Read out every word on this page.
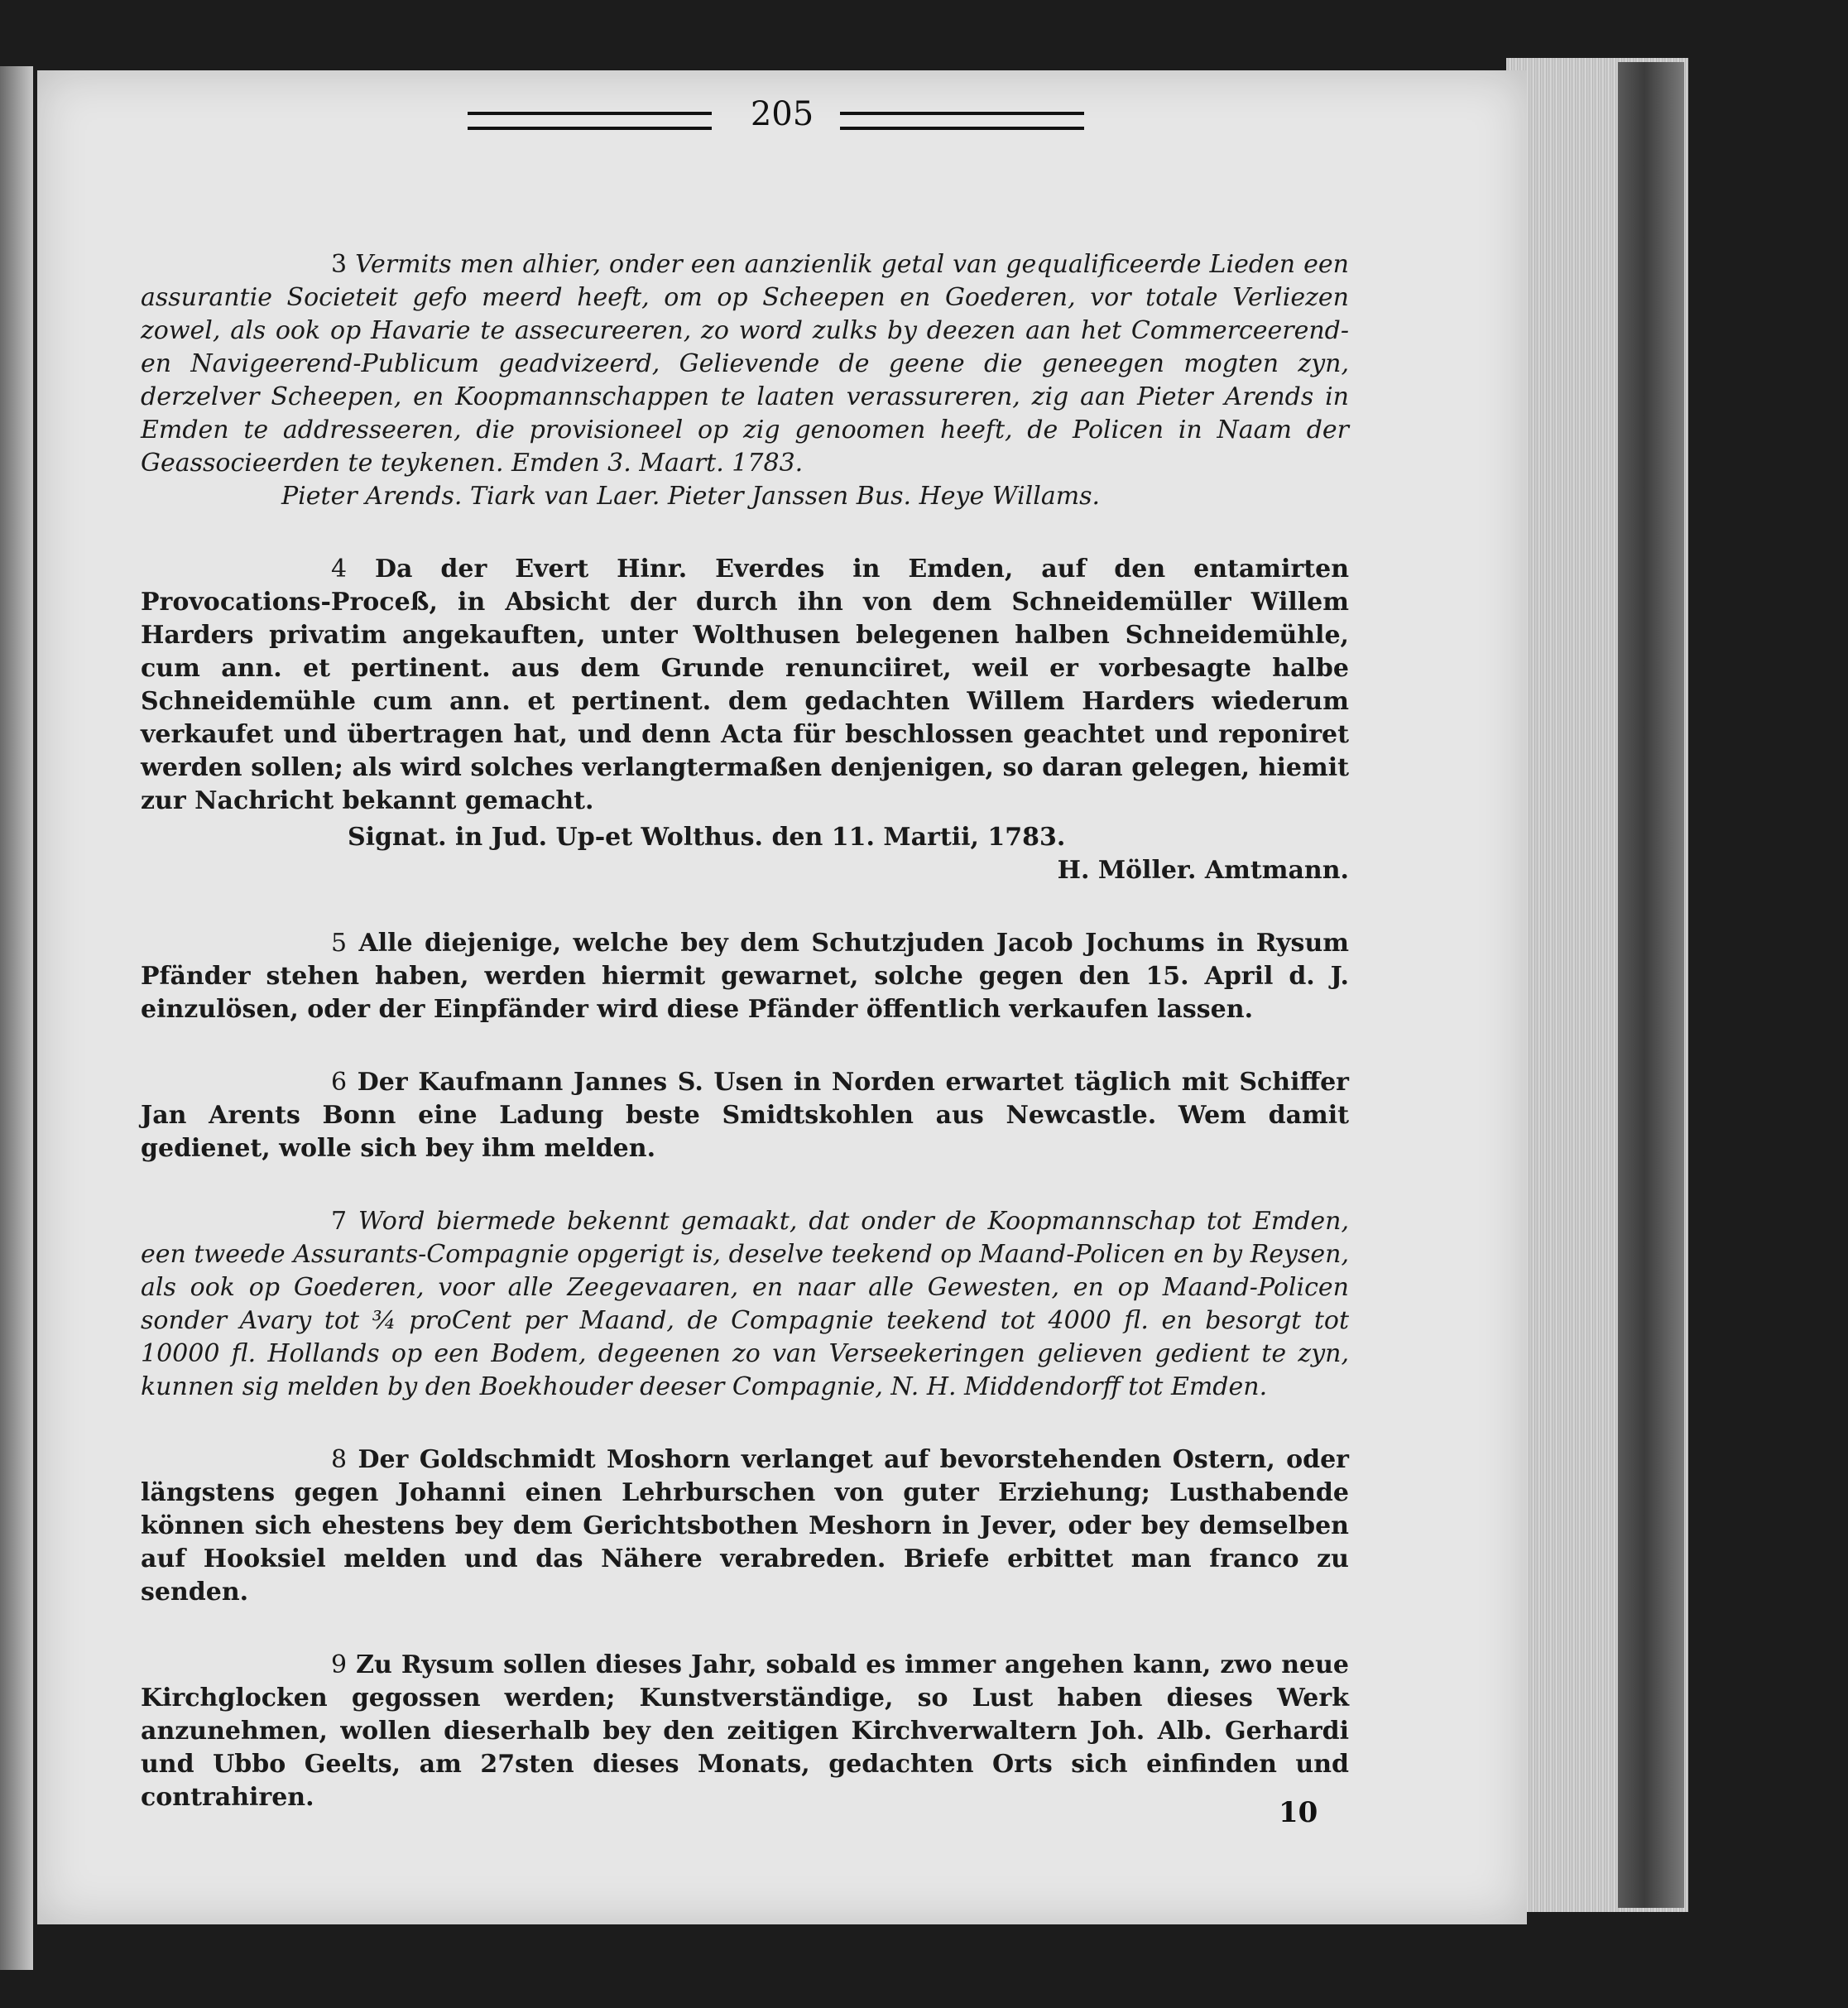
205

3 Vermits men alhier, onder een aanzienlik getal van gequalificeerde Lieden een assurantie Societeit gefo meerd heeft, om op Scheepen en Goederen, vor totale Verliezen zowel, als ook op Havarie te assecureeren, zo word zulks by deezen aan het Commerceerend- en Navigeerend-Publicum geadvizeerd, Gelievende de geene die geneegen mogten zyn, derzelver Scheepen, en Koopmannschappen te laaten verassureren, zig aan Pieter Arends in Emden te addresseeren, die provisioneel op zig genoomen heeft, de Policen in Naam der Geassocieerden te teykenen. Emden 3. Maart. 1783.

Pieter Arends. Tiark van Laer. Pieter Janssen Bus. Heye Willams.

4 Da der Evert Hinr. Everdes in Emden, auf den entamirten Provocations-Proceß, in Absicht der durch ihn von dem Schneidemüller Willem Harders privatim angekauften, unter Wolthusen belegenen halben Schneidemühle, cum ann. et pertinent. aus dem Grunde renunciiret, weil er vorbesagte halbe Schneidemühle cum ann. et pertinent. dem gedachten Willem Harders wiederum verkaufet und übertragen hat, und denn Acta für beschlossen geachtet und reponiret werden sollen; als wird solches verlangtermaßen denjenigen, so daran gelegen, hiemit zur Nachricht bekannt gemacht.

Signat. in Jud. Up-et Wolthus. den 11. Martii, 1783.

H. Möller. Amtmann.

5 Alle diejenige, welche bey dem Schutzjuden Jacob Jochums in Rysum Pfänder stehen haben, werden hiermit gewarnet, solche gegen den 15. April d. J. einzulösen, oder der Einpfänder wird diese Pfänder öffentlich verkaufen lassen.

6 Der Kaufmann Jannes S. Usen in Norden erwartet täglich mit Schiffer Jan Arents Bonn eine Ladung beste Smidtskohlen aus Newcastle. Wem damit gedienet, wolle sich bey ihm melden.

7 Word biermede bekennt gemaakt, dat onder de Koopmannschap tot Emden, een tweede Assurants-Compagnie opgerigt is, deselve teekend op Maand-Policen en by Reysen, als ook op Goederen, voor alle Zeegevaaren, en naar alle Gewesten, en op Maand-Policen sonder Avary tot ¾ proCent per Maand, de Compagnie teekend tot 4000 fl. en besorgt tot 10000 fl. Hollands op een Bodem, degeenen zo van Verseekeringen gelieven gedient te zyn, kunnen sig melden by den Boekhouder deeser Compagnie, N. H. Middendorff tot Emden.

8 Der Goldschmidt Moshorn verlanget auf bevorstehenden Ostern, oder längstens gegen Johanni einen Lehrburschen von guter Erziehung; Lusthabende können sich ehestens bey dem Gerichtsbothen Meshorn in Jever, oder bey demselben auf Hooksiel melden und das Nähere verabreden. Briefe erbittet man franco zu senden.

9 Zu Rysum sollen dieses Jahr, sobald es immer angehen kann, zwo neue Kirchglocken gegossen werden; Kunstverständige, so Lust haben dieses Werk anzunehmen, wollen dieserhalb bey den zeitigen Kirchverwaltern Joh. Alb. Gerhardi und Ubbo Geelts, am 27sten dieses Monats, gedachten Orts sich einfinden und contrahiren.	10
